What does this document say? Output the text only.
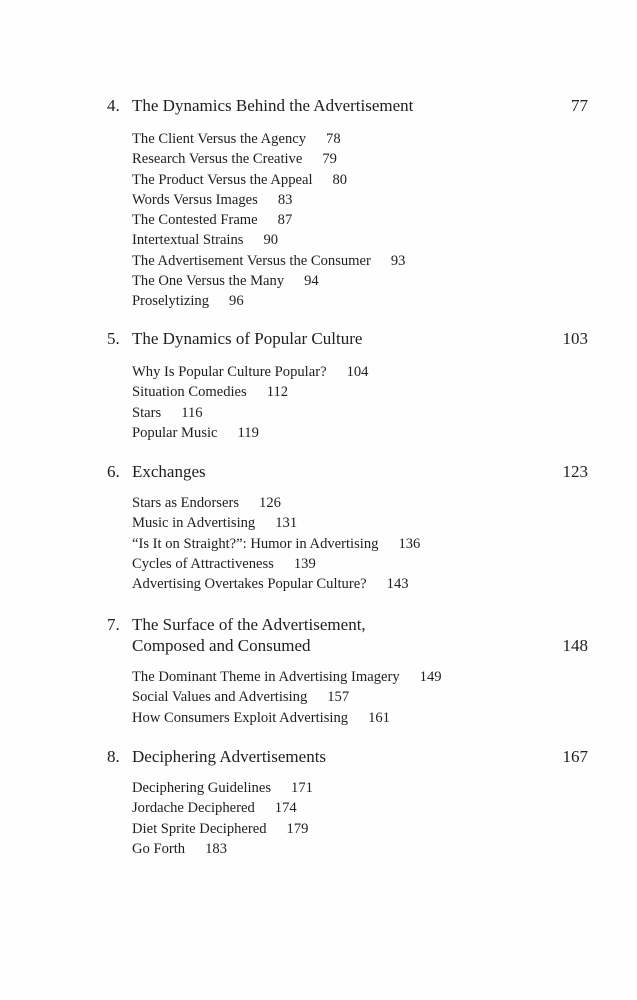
4. The Dynamics Behind the Advertisement	77
The Client Versus the Agency 78
Research Versus the Creative 79
The Product Versus the Appeal 80
Words Versus Images 83
The Contested Frame 87
Intertextual Strains 90
The Advertisement Versus the Consumer 93
The One Versus the Many 94
Proselytizing 96
5. The Dynamics of Popular Culture	103
Why Is Popular Culture Popular? 104
Situation Comedies 112
Stars 116
Popular Music 119
6. Exchanges	123
Stars as Endorsers 126
Music in Advertising 131
“Is It on Straight?”: Humor in Advertising 136
Cycles of Attractiveness 139
Advertising Overtakes Popular Culture? 143
7. The Surface of the Advertisement,
Composed and Consumed	148
The Dominant Theme in Advertising Imagery 149
Social Values and Advertising 157
How Consumers Exploit Advertising 161
8. Deciphering Advertisements	167
Deciphering Guidelines 171
Jordache Deciphered 174
Diet Sprite Deciphered 179
Go Forth 183
